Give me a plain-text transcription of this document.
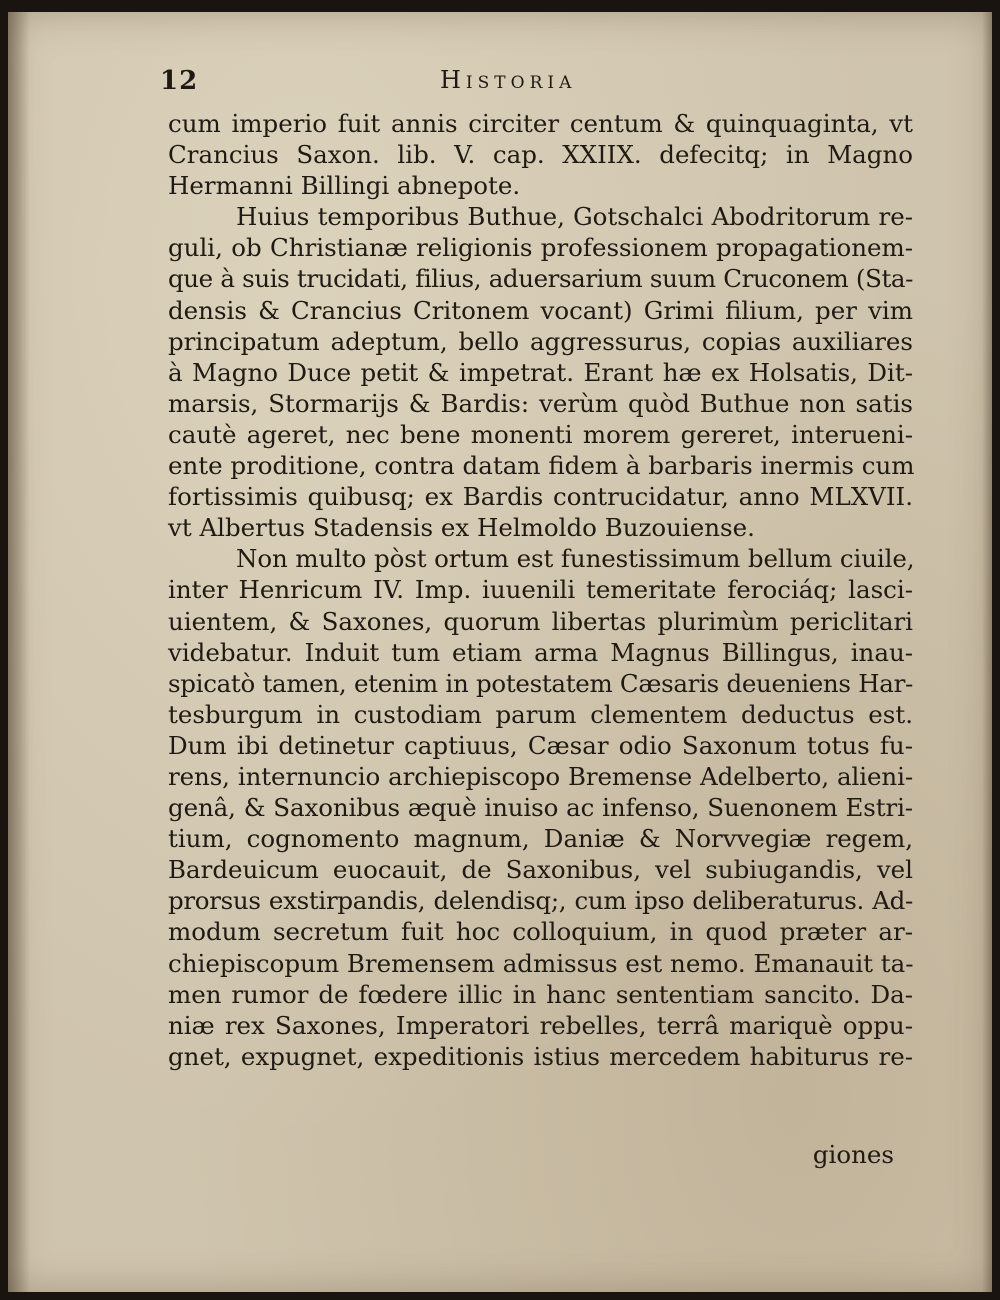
12	Historia
cum imperio fuit annis circiter centum & quinquaginta, vt
Crancius Saxon. lib. V. cap. XXIIX. defecitq; in Magno
Hermanni Billingi abnepote.
Huius temporibus Buthue, Gotschalci Abodritorum re-
guli, ob Christianæ religionis professionem propagationem-
que à suis trucidati, filius, aduersarium suum Cruconem (Sta-
densis & Crancius Critonem vocant) Grimi filium, per vim
principatum adeptum, bello aggressurus, copias auxiliares
à Magno Duce petit & impetrat. Erant hæ ex Holsatis, Dit-
marsis, Stormarijs & Bardis: verùm quòd Buthue non satis
cautè ageret, nec bene monenti morem gereret, interueni-
ente proditione, contra datam fidem à barbaris inermis cum
fortissimis quibusq; ex Bardis contrucidatur, anno MLXVII.
vt Albertus Stadensis ex Helmoldo Buzouiense.
Non multo pòst ortum est funestissimum bellum ciuile,
inter Henricum IV. Imp. iuuenili temeritate ferociáq; lasci-
uientem, & Saxones, quorum libertas plurimùm periclitari
videbatur. Induit tum etiam arma Magnus Billingus, inau-
spicatò tamen, etenim in potestatem Cæsaris deueniens Har-
tesburgum in custodiam parum clementem deductus est.
Dum ibi detinetur captiuus, Cæsar odio Saxonum totus fu-
rens, internuncio archiepiscopo Bremense Adelberto, alieni-
genâ, & Saxonibus æquè inuiso ac infenso, Suenonem Estri-
tium, cognomento magnum, Daniæ & Norvvegiæ regem,
Bardeuicum euocauit, de Saxonibus, vel subiugandis, vel
prorsus exstirpandis, delendisq;, cum ipso deliberaturus. Ad-
modum secretum fuit hoc colloquium, in quod præter ar-
chiepiscopum Bremensem admissus est nemo. Emanauit ta-
men rumor de fœdere illic in hanc sententiam sancito. Da-
niæ rex Saxones, Imperatori rebelles, terrâ mariquè oppu-
gnet, expugnet, expeditionis istius mercedem habiturus re-
giones
